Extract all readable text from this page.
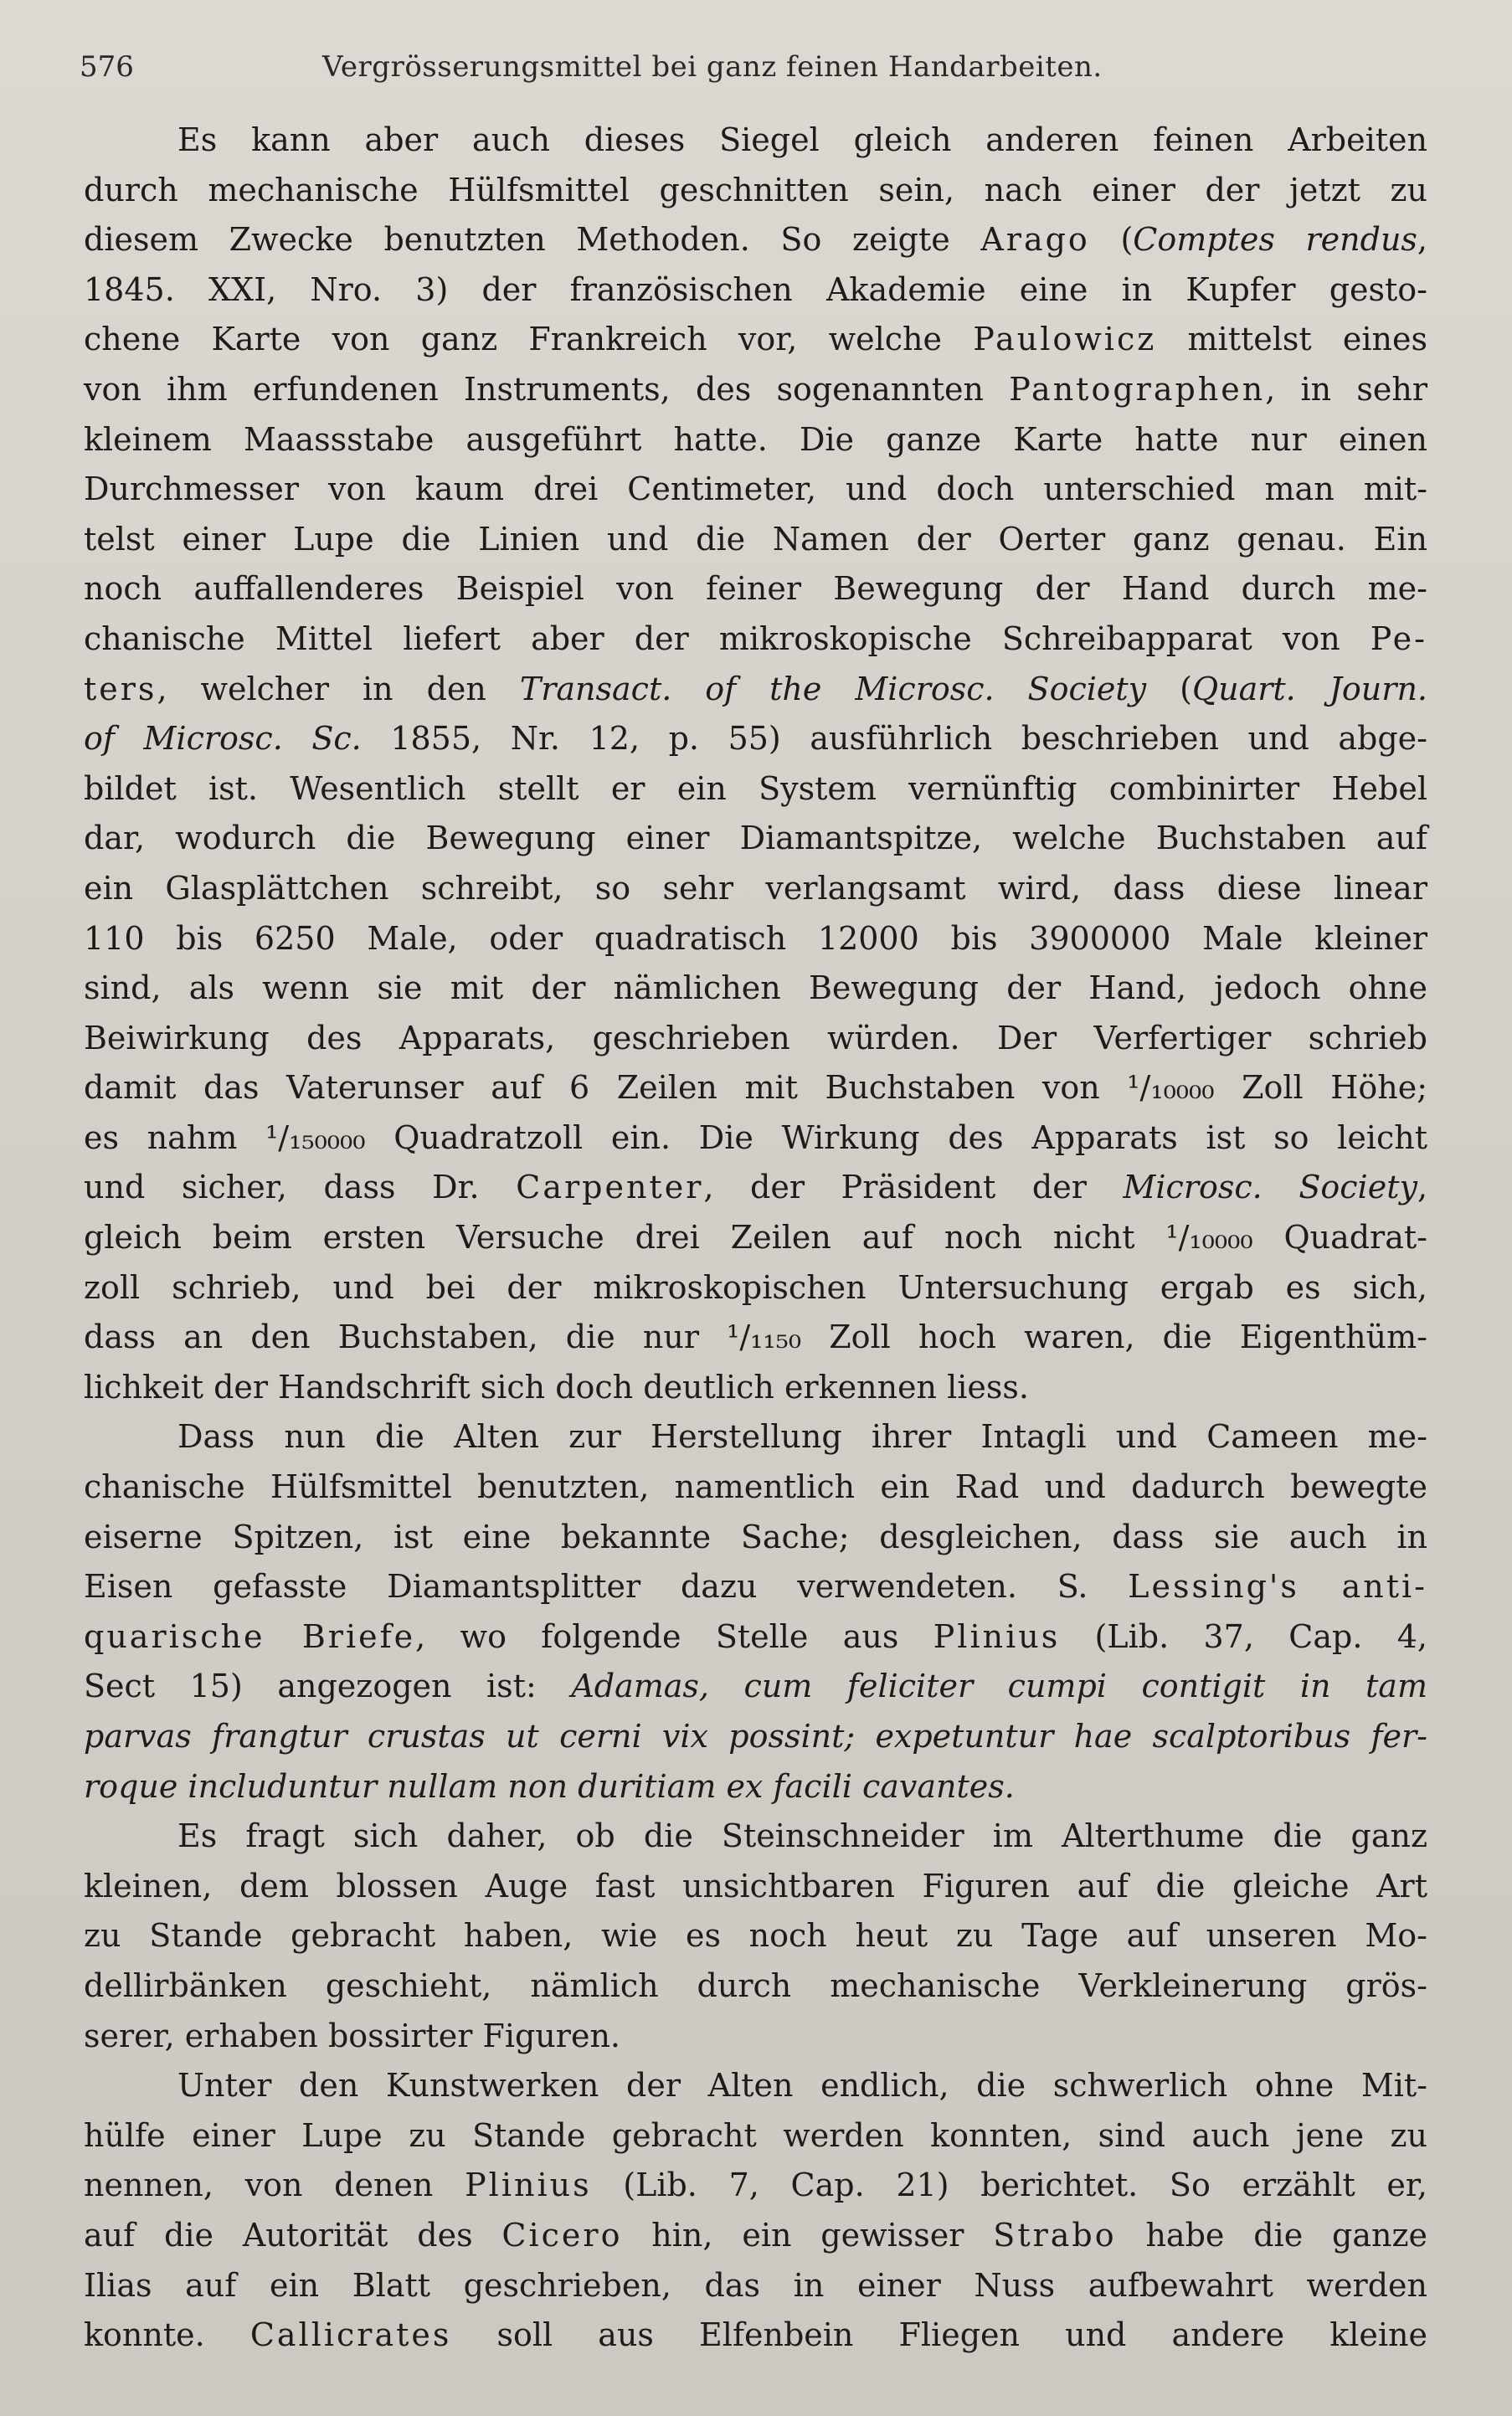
576	Vergrösserungsmittel bei ganz feinen Handarbeiten.
Es kann aber auch dieses Siegel gleich anderen feinen Arbeiten
durch mechanische Hülfsmittel geschnitten sein, nach einer der jetzt zu
diesem Zwecke benutzten Methoden. So zeigte Arago (Comptes rendus,
1845. XXI, Nro. 3) der französischen Akademie eine in Kupfer gesto-
chene Karte von ganz Frankreich vor, welche Paulowicz mittelst eines
von ihm erfundenen Instruments, des sogenannten Pantographen, in sehr
kleinem Maassstabe ausgeführt hatte. Die ganze Karte hatte nur einen
Durchmesser von kaum drei Centimeter, und doch unterschied man mit-
telst einer Lupe die Linien und die Namen der Oerter ganz genau. Ein
noch auffallenderes Beispiel von feiner Bewegung der Hand durch me-
chanische Mittel liefert aber der mikroskopische Schreibapparat von Pe-
ters, welcher in den Transact. of the Microsc. Society (Quart. Journ.
of Microsc. Sc. 1855, Nr. 12, p. 55) ausführlich beschrieben und abge-
bildet ist. Wesentlich stellt er ein System vernünftig combinirter Hebel
dar, wodurch die Bewegung einer Diamantspitze, welche Buchstaben auf
ein Glasplättchen schreibt, so sehr verlangsamt wird, dass diese linear
110 bis 6250 Male, oder quadratisch 12000 bis 3900000 Male kleiner
sind, als wenn sie mit der nämlichen Bewegung der Hand, jedoch ohne
Beiwirkung des Apparats, geschrieben würden. Der Verfertiger schrieb
damit das Vaterunser auf 6 Zeilen mit Buchstaben von ¹/₁₀₀₀₀ Zoll Höhe;
es nahm ¹/₁₅₀₀₀₀ Quadratzoll ein. Die Wirkung des Apparats ist so leicht
und sicher, dass Dr. Carpenter, der Präsident der Microsc. Society,
gleich beim ersten Versuche drei Zeilen auf noch nicht ¹/₁₀₀₀₀ Quadrat-
zoll schrieb, und bei der mikroskopischen Untersuchung ergab es sich,
dass an den Buchstaben, die nur ¹/₁₁₅₀ Zoll hoch waren, die Eigenthüm-
lichkeit der Handschrift sich doch deutlich erkennen liess.
Dass nun die Alten zur Herstellung ihrer Intagli und Cameen me-
chanische Hülfsmittel benutzten, namentlich ein Rad und dadurch bewegte
eiserne Spitzen, ist eine bekannte Sache; desgleichen, dass sie auch in
Eisen gefasste Diamantsplitter dazu verwendeten. S. Lessing's anti-
quarische Briefe, wo folgende Stelle aus Plinius (Lib. 37, Cap. 4,
Sect 15) angezogen ist: Adamas, cum feliciter cumpi contigit in tam
parvas frangtur crustas ut cerni vix possint; expetuntur hae scalptoribus fer-
roque includuntur nullam non duritiam ex facili cavantes.
Es fragt sich daher, ob die Steinschneider im Alterthume die ganz
kleinen, dem blossen Auge fast unsichtbaren Figuren auf die gleiche Art
zu Stande gebracht haben, wie es noch heut zu Tage auf unseren Mo-
dellirbänken geschieht, nämlich durch mechanische Verkleinerung grös-
serer, erhaben bossirter Figuren.
Unter den Kunstwerken der Alten endlich, die schwerlich ohne Mit-
hülfe einer Lupe zu Stande gebracht werden konnten, sind auch jene zu
nennen, von denen Plinius (Lib. 7, Cap. 21) berichtet. So erzählt er,
auf die Autorität des Cicero hin, ein gewisser Strabo habe die ganze
Ilias auf ein Blatt geschrieben, das in einer Nuss aufbewahrt werden
konnte. Callicrates soll aus Elfenbein Fliegen und andere kleine
